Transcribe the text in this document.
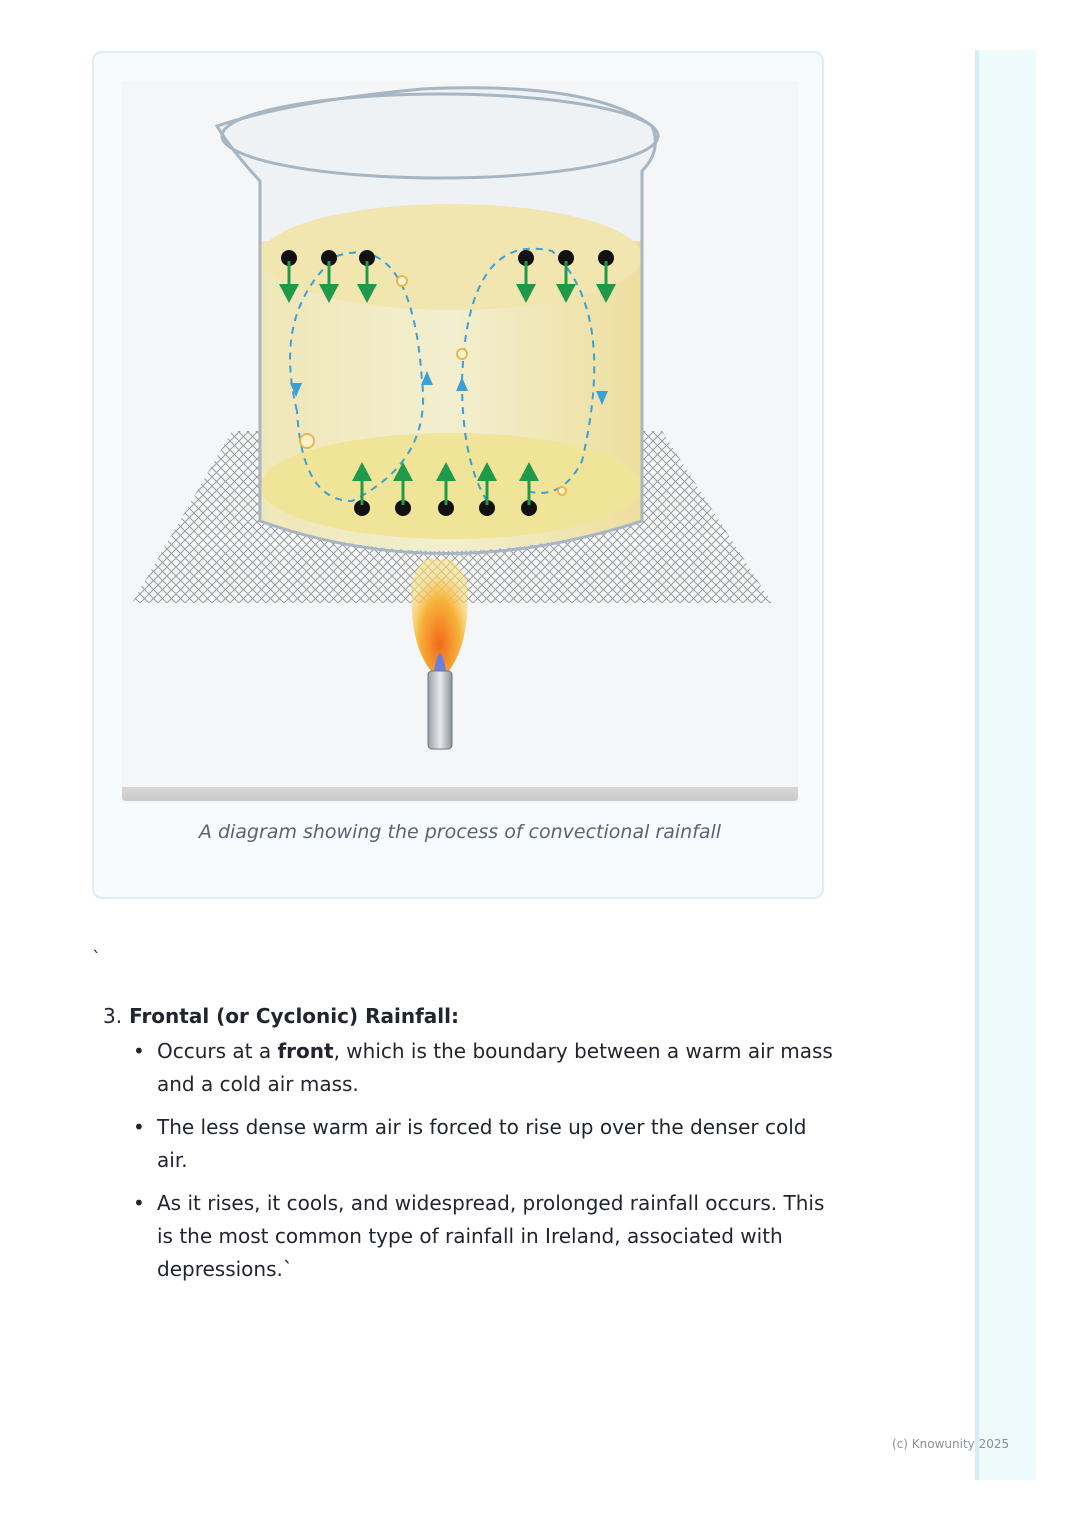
A diagram showing the process of convectional rainfall
`

3. Frontal (or Cyclonic) Rainfall:

• Occurs at a front, which is the boundary between a warm air mass and a cold air mass.
• The less dense warm air is forced to rise up over the denser cold air.
• As it rises, it cools, and widespread, prolonged rainfall occurs. This is the most common type of rainfall in Ireland, associated with depressions.`
(c) Knowunity 2025
